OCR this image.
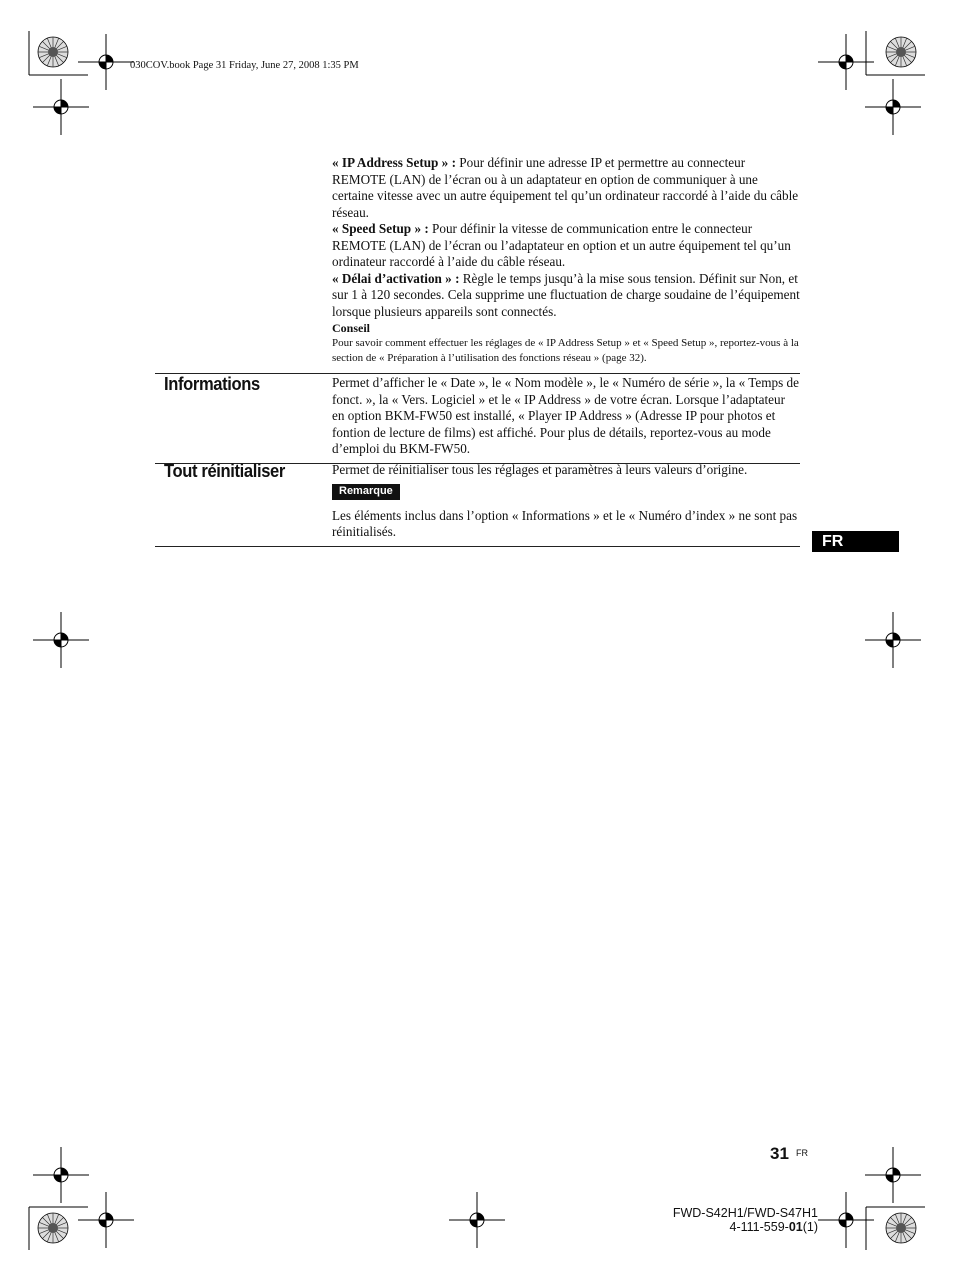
030COV.book Page 31 Friday, June 27, 2008 1:35 PM

« IP Address Setup » : Pour définir une adresse IP et permettre au connecteur REMOTE (LAN) de l’écran ou à un adaptateur en option de communiquer à une certaine vitesse avec un autre équipement tel qu’un ordinateur raccordé à l’aide du câble réseau.

« Speed Setup » : Pour définir la vitesse de communication entre le connecteur REMOTE (LAN) de l’écran ou l’adaptateur en option et un autre équipement tel qu’un ordinateur raccordé à l’aide du câble réseau.

« Délai d’activation » : Règle le temps jusqu’à la mise sous tension. Définit sur Non, et sur 1 à 120 secondes. Cela supprime une fluctuation de charge soudaine de l’équipement lorsque plusieurs appareils sont connectés.

Conseil

Pour savoir comment effectuer les réglages de « IP Address Setup » et « Speed Setup », reportez-vous à la section de « Préparation à l’utilisation des fonctions réseau » (page 32).

Informations	Permet d’afficher le « Date », le « Nom modèle », le « Numéro de série », la « Temps de fonct. », la « Vers. Logiciel » et le « IP Address » de votre écran. Lorsque l’adaptateur en option BKM-FW50 est installé, « Player IP Address » (Adresse IP pour photos et fontion de lecture de films) est affiché. Pour plus de détails, reportez-vous au mode d’emploi du BKM-FW50.

Tout réinitialiser	Permet de réinitialiser tous les réglages et paramètres à leurs valeurs d’origine.

Remarque

Les éléments inclus dans l’option « Informations » et le « Numéro d’index » ne sont pas réinitialisés.

FR
31 FR
FWD-S42H1/FWD-S47H1
4-111-559-01(1)
